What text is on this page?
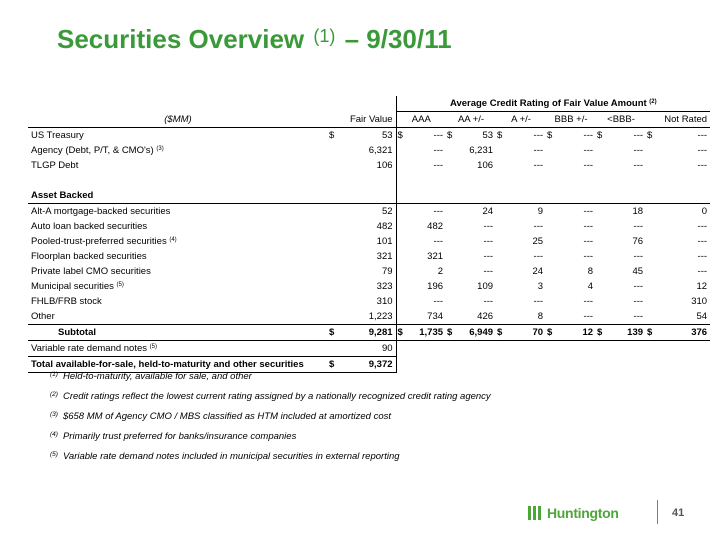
Securities Overview $^{(1)}$ – 9/30/11
			Average Credit Rating of Fair Value Amount $^{(2)}$
($MM)	Fair Value		AAA		AA +/-		A +/-		BBB +/-		<BBB-		Not Rated	
US Treasury	$	53	$	---	$	53	$	---	$	---	$	---	$	---
Agency (Debt, P/T, & CMO's) $^{(3)}$		6,321		---		6,231		---		---		---		---
TLGP Debt		106		---		106		---		---		---		---

Asset Backed														
Alt-A mortgage-backed securities		52		---		24		9		---		18		0
Auto loan backed securities		482		482		---		---		---		---		---
Pooled-trust-preferred securities $^{(4)}$		101		---		---		25		---		76		---
Floorplan backed securities		321		321		---		---		---		---		---
Private label CMO securities		79		2		---		24		8		45		---
Municipal securities $^{(5)}$		323		196		109		3		4		---		12
FHLB/FRB stock		310		---		---		---		---		---		310
Other		1,223		734		426		8		---		---		54
Subtotal	$	9,281	$	1,735	$	6,949	$	70	$	12	$	139	$	376
Variable rate demand notes $^{(5)}$		90												
Total available-for-sale, held-to-maturity and other securities	$	9,372												
$^{(1)}$ Held-to-maturity, available for sale, and other
$^{(2)}$ Credit ratings reflect the lowest current rating assigned by a nationally recognized credit rating agency
$^{(3)}$ $658 MM of Agency CMO / MBS classified as HTM included at amortized cost
$^{(4)}$ Primarily trust preferred for banks/insurance companies
$^{(5)}$ Variable rate demand notes included in municipal securities in external reporting
Huntington	41
